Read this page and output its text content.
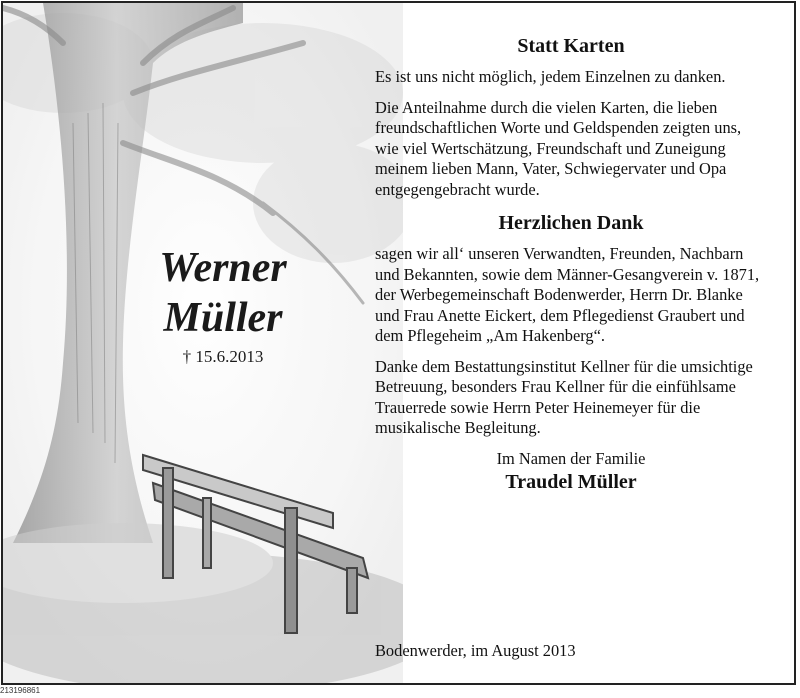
Werner
Müller
† 15.6.2013
Statt Karten

Es ist uns nicht möglich, jedem Einzelnen zu danken.

Die Anteilnahme durch die vielen Karten, die lieben freundschaftlichen Worte und Geldspenden zeigten uns, wie viel Wertschätzung, Freundschaft und Zuneigung meinem lieben Mann, Vater, Schwiegervater und Opa entgegengebracht wurde.

Herzlichen Dank

sagen wir all‘ unseren Verwandten, Freunden, Nachbarn und Bekannten, sowie dem Männer-Gesangverein v. 1871, der Werbegemeinschaft Bodenwerder, Herrn Dr. Blanke und Frau Anette Eickert, dem Pflegedienst Graubert und dem Pflegeheim „Am Hakenberg“.

Danke dem Bestattungsinstitut Kellner für die umsichtige Betreuung, besonders Frau Kellner für die einfühlsame Trauerrede sowie Herrn Peter Heinemeyer für die musikalische Begleitung.

Im Namen der Familie
Traudel Müller
Bodenwerder, im August 2013
213196861
